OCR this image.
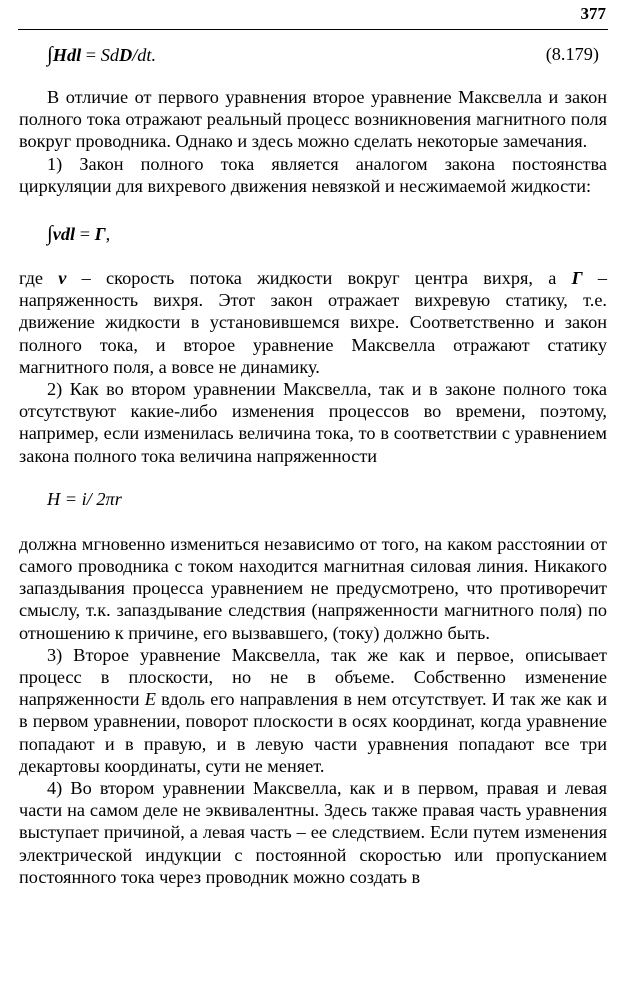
377
∫Hdl = SdD/dt.	(8.179)

В отличие от первого уравнения второе уравнение Максвелла и закон полного тока отражают реальный процесс возникновения магнитного поля вокруг проводника. Однако и здесь можно сделать некоторые замечания.

1) Закон полного тока является аналогом закона постоянства циркуляции для вихревого движения невязкой и несжимаемой жидкости:

∫vdl = Γ,

где v – скорость потока жидкости вокруг центра вихря, а Γ – напряженность вихря. Этот закон отражает вихревую статику, т.е. движение жидкости в установившемся вихре. Соответственно и закон полного тока, и второе уравнение Максвелла отражают статику магнитного поля, а вовсе не динамику.

2) Как во втором уравнении Максвелла, так и в законе полного тока отсутствуют какие-либо изменения процессов во времени, поэтому, например, если изменилась величина тока, то в соответствии с уравнением закона полного тока величина напряженности

H = i/ 2πr

должна мгновенно измениться независимо от того, на каком расстоянии от самого проводника с током находится магнитная силовая линия. Никакого запаздывания процесса уравнением не предусмотрено, что противоречит смыслу, т.к. запаздывание следствия (напряженности магнитного поля) по отношению к причине, его вызвавшего, (току) должно быть.

3) Второе уравнение Максвелла, так же как и первое, описывает процесс в плоскости, но не в объеме. Собственно изменение напряженности E вдоль его направления в нем отсутствует. И так же как и в первом уравнении, поворот плоскости в осях координат, когда уравнение попадают и в правую, и в левую части уравнения попадают все три декартовы координаты, сути не меняет.

4) Во втором уравнении Максвелла, как и в первом, правая и левая части на самом деле не эквивалентны. Здесь также правая часть уравнения выступает причиной, а левая часть – ее следствием. Если путем изменения электрической индукции с постоянной скоростью или пропусканием постоянного тока через проводник можно создать в
